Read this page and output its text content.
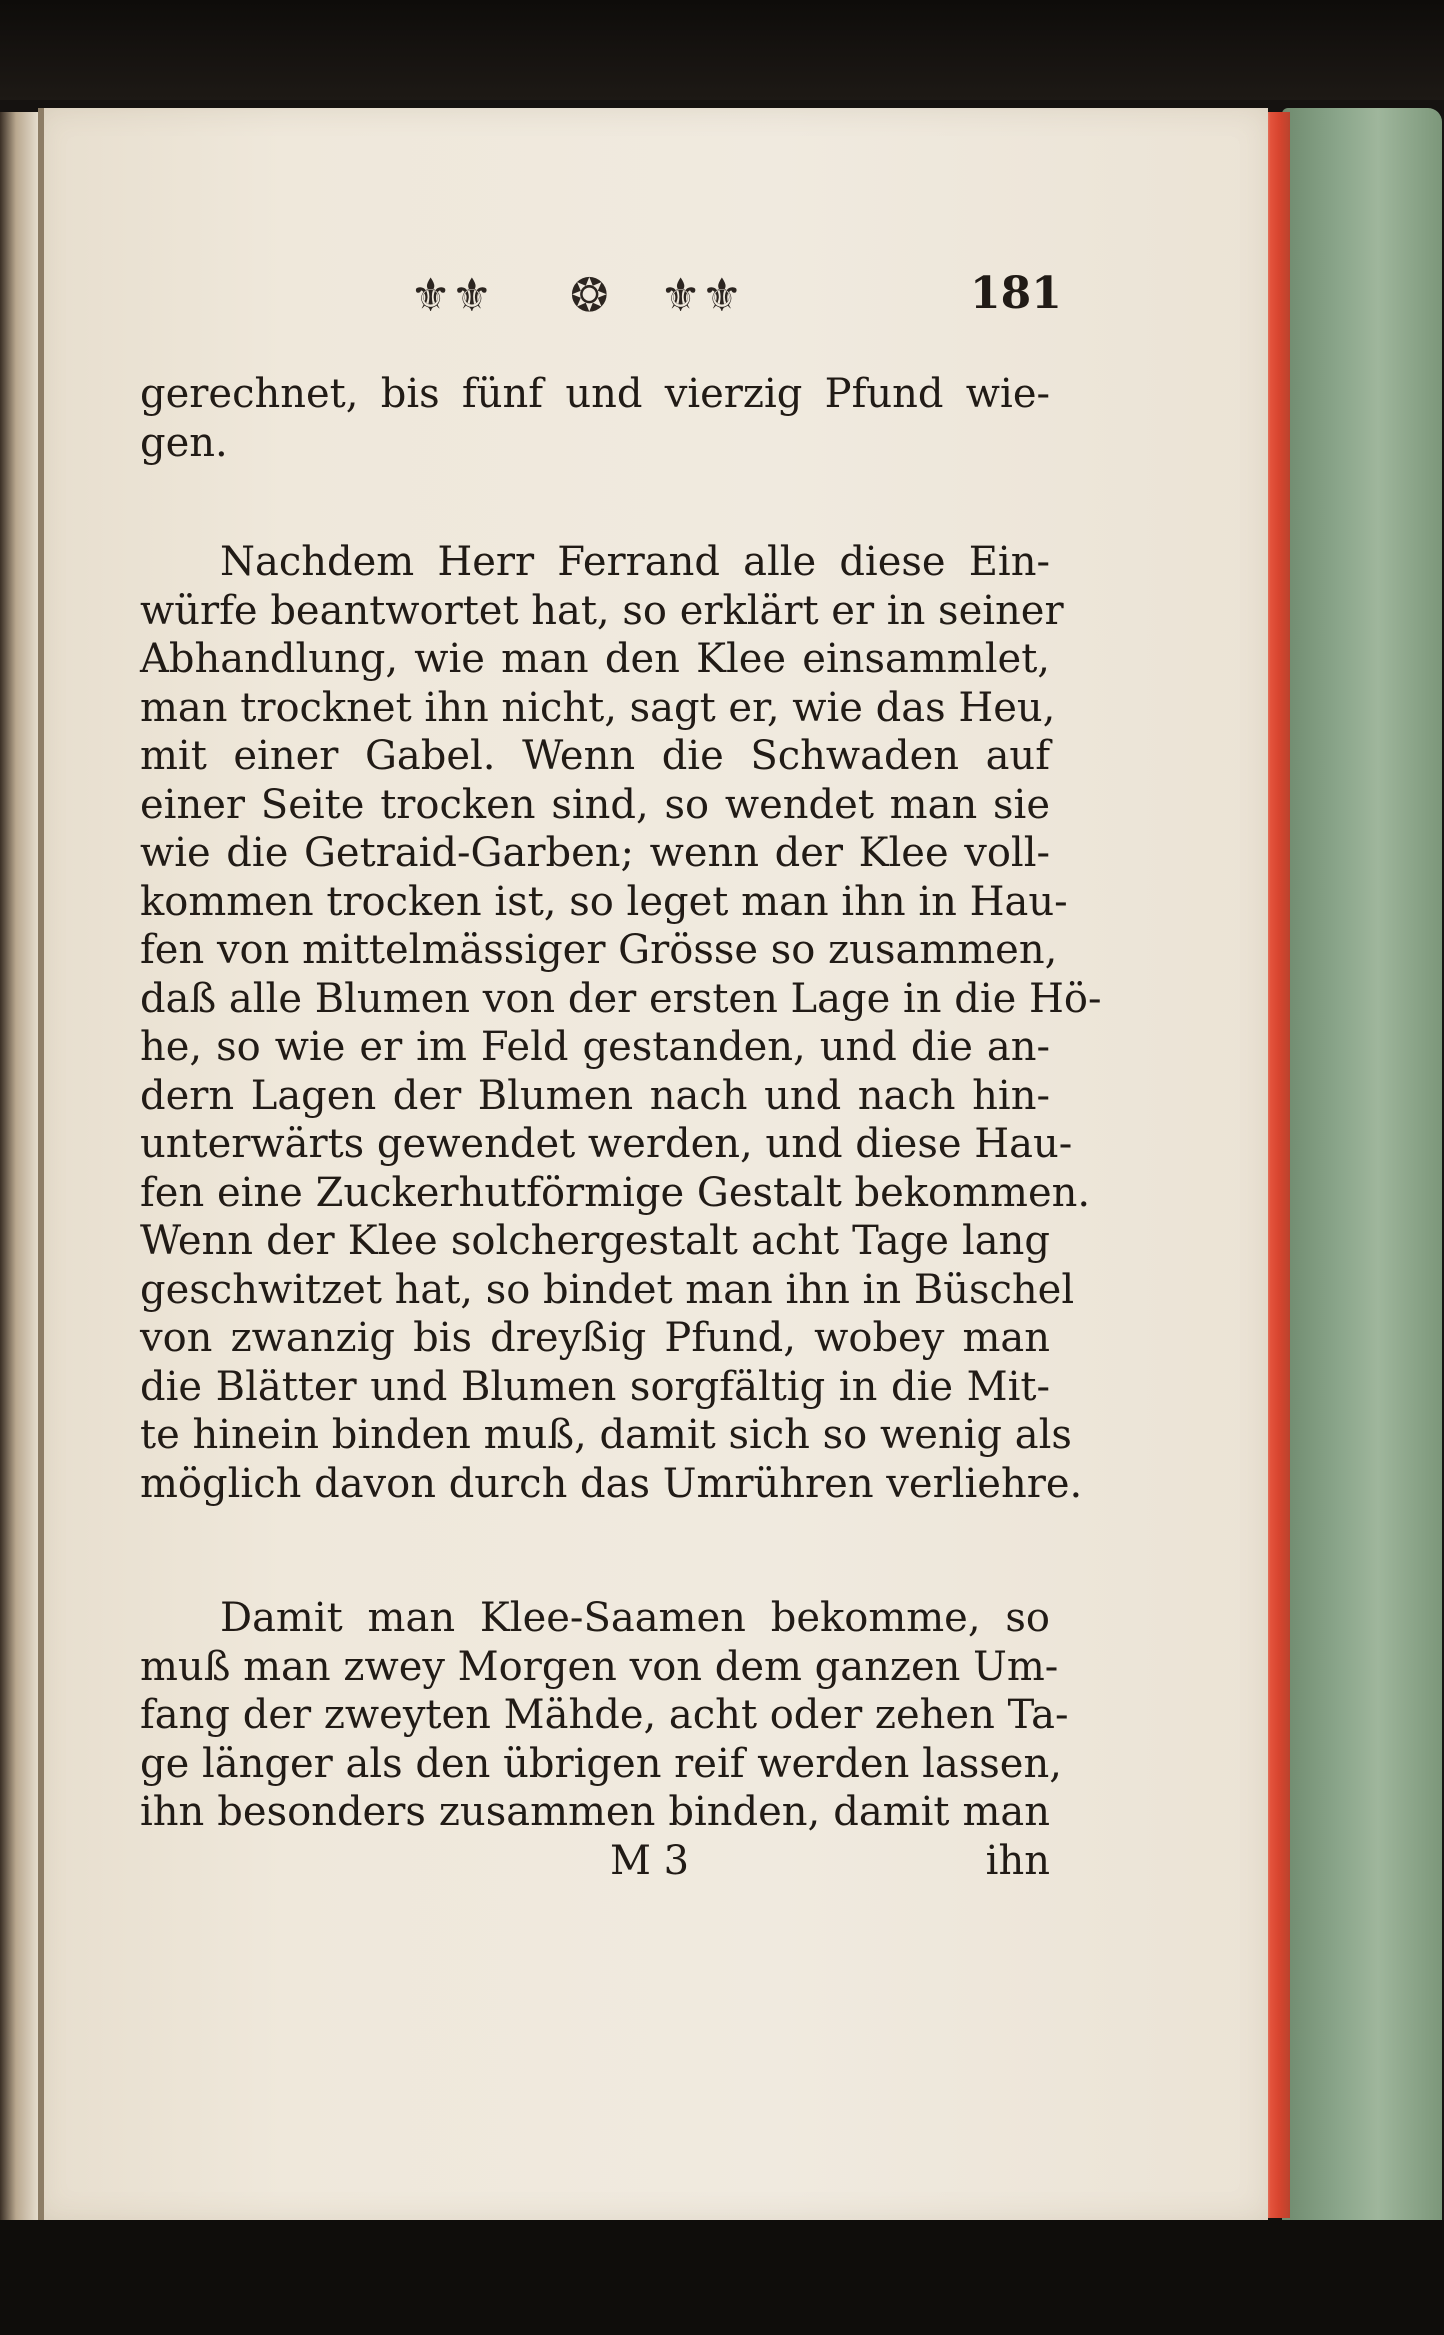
⚜⚜ ❂ ⚜⚜	181
gerechnet, bis fünf und vierzig Pfund wie-
gen.
Nachdem Herr Ferrand alle diese Ein-
würfe beantwortet hat, so erklärt er in seiner
Abhandlung, wie man den Klee einsammlet,
man trocknet ihn nicht, sagt er, wie das Heu,
mit einer Gabel. Wenn die Schwaden auf
einer Seite trocken sind, so wendet man sie
wie die Getraid-Garben; wenn der Klee voll-
kommen trocken ist, so leget man ihn in Hau-
fen von mittelmässiger Grösse so zusammen,
daß alle Blumen von der ersten Lage in die Hö-
he, so wie er im Feld gestanden, und die an-
dern Lagen der Blumen nach und nach hin-
unterwärts gewendet werden, und diese Hau-
fen eine Zuckerhutförmige Gestalt bekommen.
Wenn der Klee solchergestalt acht Tage lang
geschwitzet hat, so bindet man ihn in Büschel
von zwanzig bis dreyßig Pfund, wobey man
die Blätter und Blumen sorgfältig in die Mit-
te hinein binden muß, damit sich so wenig als
möglich davon durch das Umrühren verliehre.
Damit man Klee-Saamen bekomme, so
muß man zwey Morgen von dem ganzen Um-
fang der zweyten Mähde, acht oder zehen Ta-
ge länger als den übrigen reif werden lassen,
ihn besonders zusammen binden, damit man
M 3	ihn
